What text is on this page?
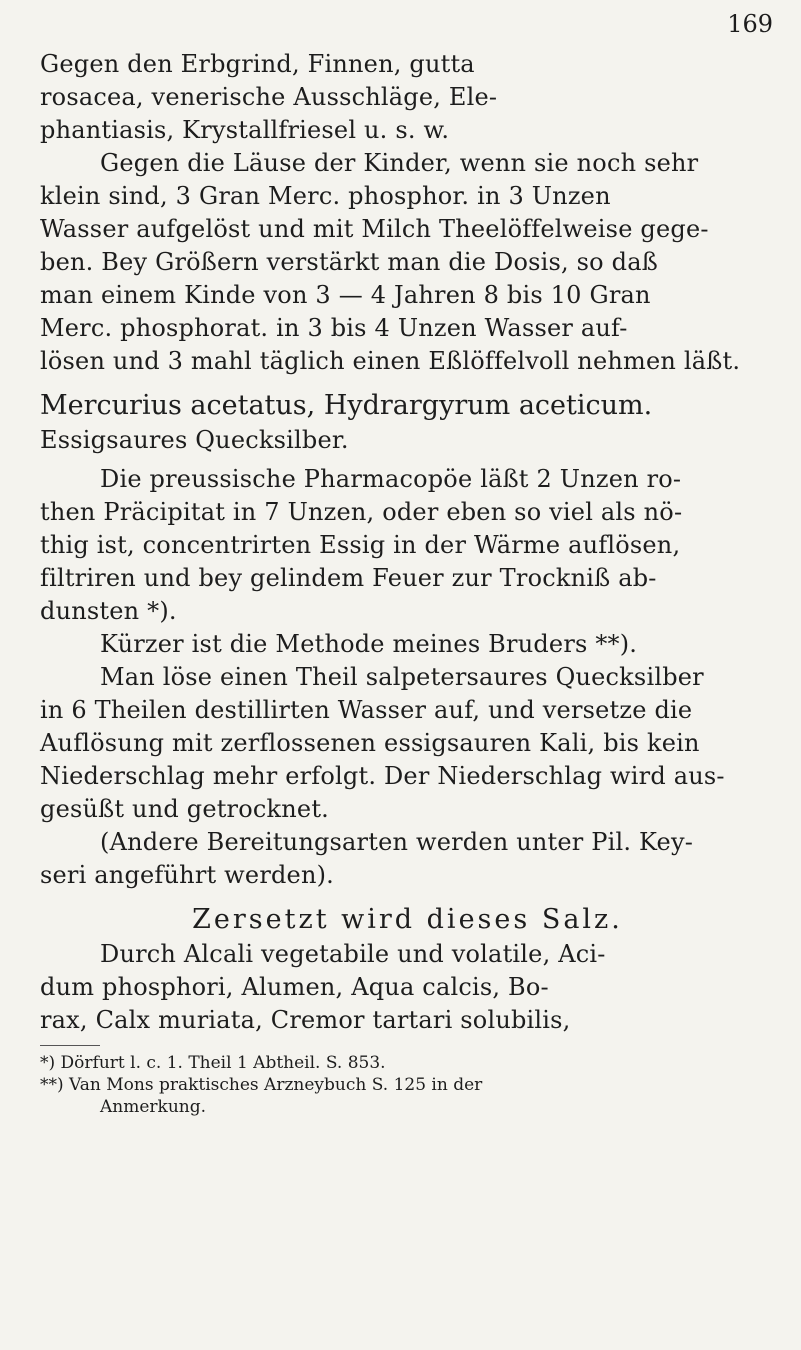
169
Gegen den Erbgrind, Finnen, gutta
rosacea, venerische Ausschläge, Ele-
phantiasis, Krystallfriesel u. s. w.
Gegen die Läuse der Kinder, wenn sie noch sehr
klein sind, 3 Gran Merc. phosphor. in 3 Unzen
Wasser aufgelöst und mit Milch Theelöffelweise gege-
ben. Bey Größern verstärkt man die Dosis, so daß
man einem Kinde von 3 — 4 Jahren 8 bis 10 Gran
Merc. phosphorat. in 3 bis 4 Unzen Wasser auf-
lösen und 3 mahl täglich einen Eßlöffelvoll nehmen läßt.
Mercurius acetatus, Hydrargyrum aceticum.
Essigsaures Quecksilber.
Die preussische Pharmacopöe läßt 2 Unzen ro-
then Präcipitat in 7 Unzen, oder eben so viel als nö-
thig ist, concentrirten Essig in der Wärme auflösen,
filtriren und bey gelindem Feuer zur Trockniß ab-
dunsten *).
Kürzer ist die Methode meines Bruders **).
Man löse einen Theil salpetersaures Quecksilber
in 6 Theilen destillirten Wasser auf, und versetze die
Auflösung mit zerflossenen essigsauren Kali, bis kein
Niederschlag mehr erfolgt. Der Niederschlag wird aus-
gesüßt und getrocknet.
(Andere Bereitungsarten werden unter Pil. Key-
seri angeführt werden).
Zersetzt wird dieses Salz.
Durch Alcali vegetabile und volatile, Aci-
dum phosphori, Alumen, Aqua calcis, Bo-
rax, Calx muriata, Cremor tartari solubilis,
*) Dörfurt l. c. 1. Theil 1 Abtheil. S. 853.
**) Van Mons praktisches Arzneybuch S. 125 in der
Anmerkung.
